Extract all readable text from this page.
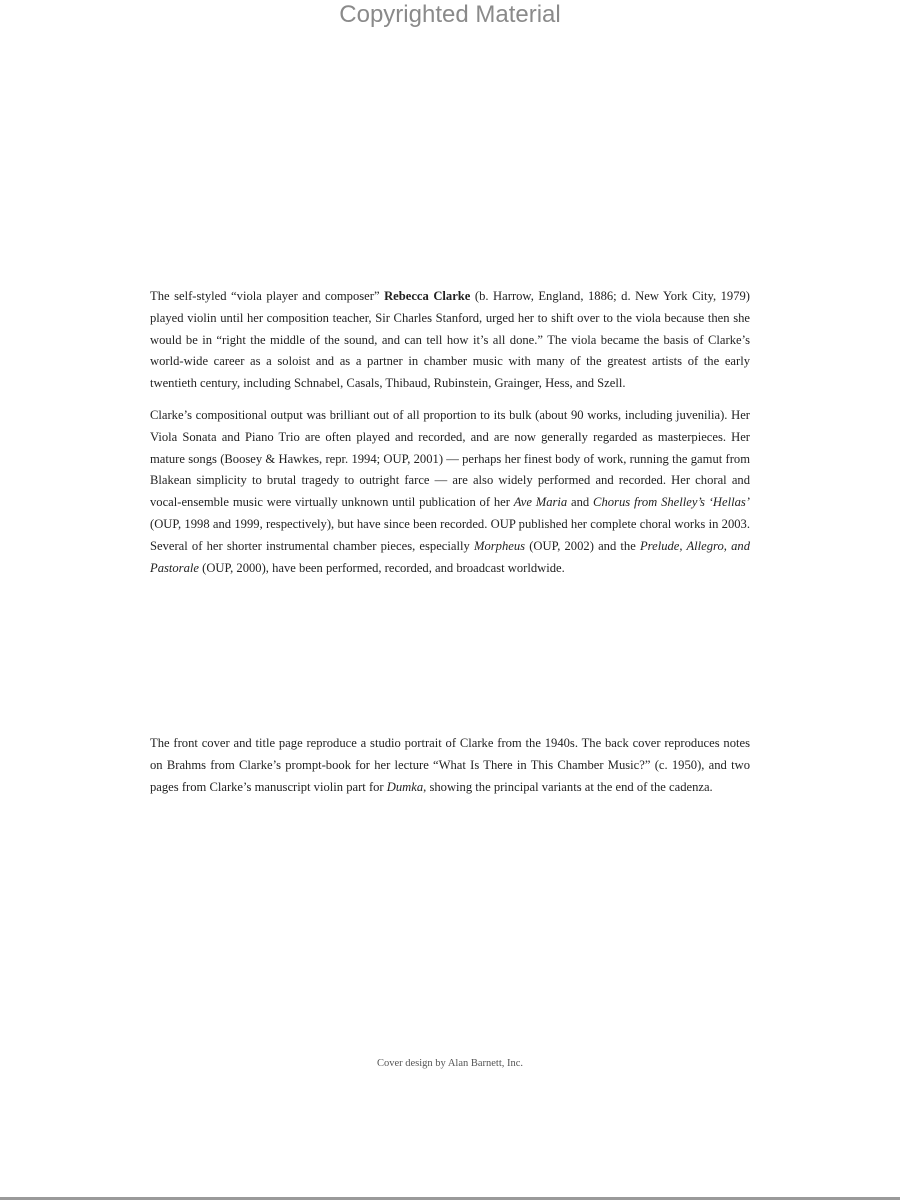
Copyrighted Material

The self-styled “viola player and composer” Rebecca Clarke (b. Harrow, England, 1886; d. New York City, 1979) played violin until her composition teacher, Sir Charles Stanford, urged her to shift over to the viola because then she would be in “right the middle of the sound, and can tell how it’s all done.” The viola became the basis of Clarke’s world-wide career as a soloist and as a partner in chamber music with many of the greatest artists of the early twentieth century, including Schnabel, Casals, Thibaud, Rubinstein, Grainger, Hess, and Szell.

Clarke’s compositional output was brilliant out of all proportion to its bulk (about 90 works, including juvenilia). Her Viola Sonata and Piano Trio are often played and recorded, and are now generally regarded as masterpieces. Her mature songs (Boosey & Hawkes, repr. 1994; OUP, 2001) — perhaps her finest body of work, running the gamut from Blakean simplicity to brutal tragedy to outright farce — are also widely performed and recorded. Her choral and vocal-ensemble music were virtually unknown until publication of her Ave Maria and Chorus from Shelley’s ‘Hellas’ (OUP, 1998 and 1999, respectively), but have since been recorded. OUP published her complete choral works in 2003. Several of her shorter instrumental chamber pieces, especially Morpheus (OUP, 2002) and the Prelude, Allegro, and Pastorale (OUP, 2000), have been performed, recorded, and broadcast worldwide.

The front cover and title page reproduce a studio portrait of Clarke from the 1940s. The back cover reproduces notes on Brahms from Clarke’s prompt-book for her lecture “What Is There in This Chamber Music?” (c. 1950), and two pages from Clarke’s manuscript violin part for Dumka, showing the principal variants at the end of the cadenza.

Cover design by Alan Barnett, Inc.
